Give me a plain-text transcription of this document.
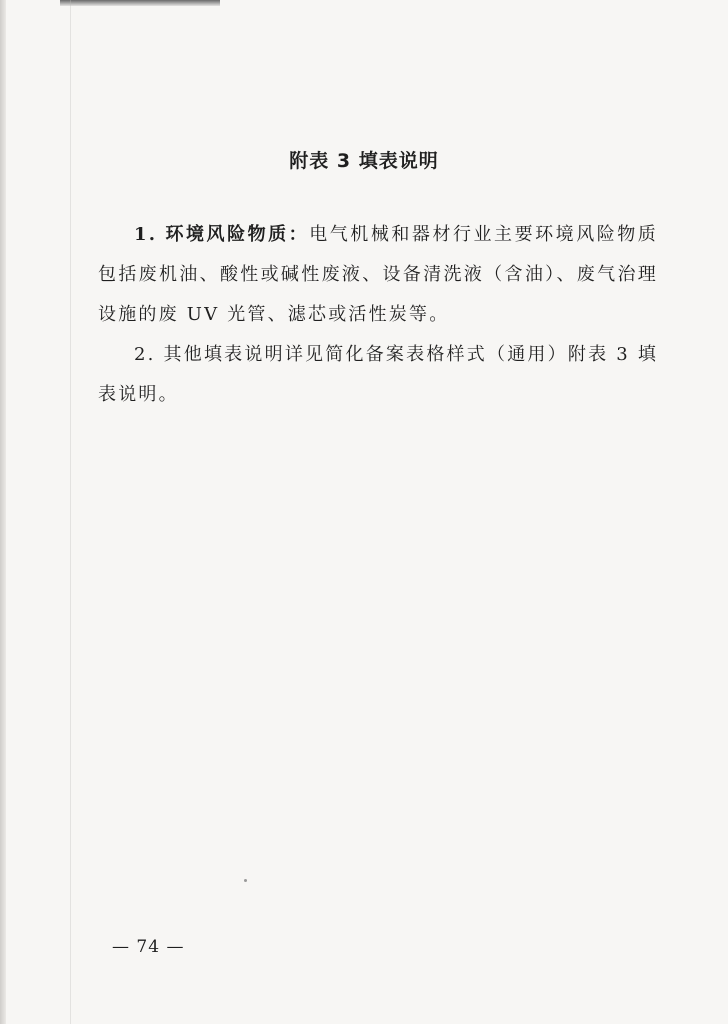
附表 3 填表说明

1. 环境风险物质：电气机械和器材行业主要环境风险物质包括废机油、酸性或碱性废液、设备清洗液（含油）、废气治理设施的废 UV 光管、滤芯或活性炭等。

2. 其他填表说明详见简化备案表格样式（通用）附表 3 填表说明。

— 74 —
